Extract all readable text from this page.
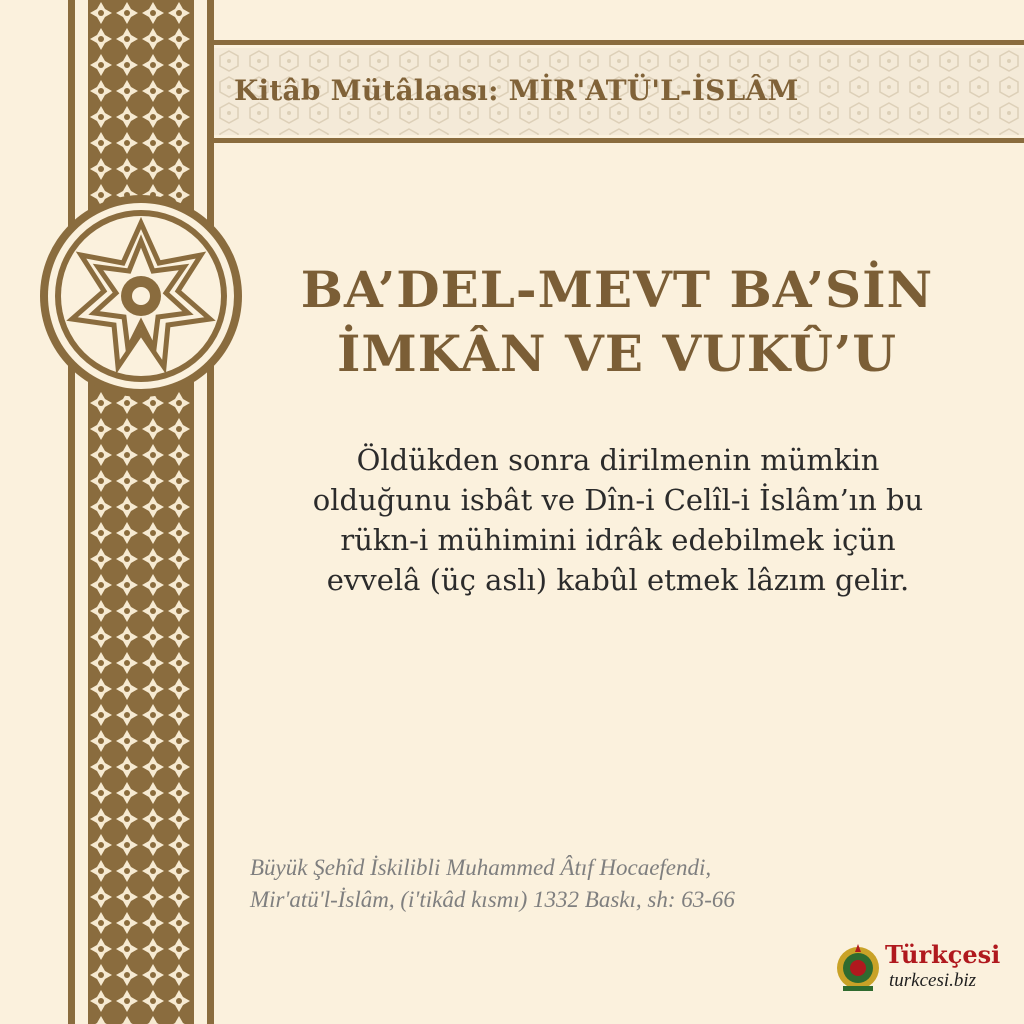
Kitâb Mütâlaası: MİR'ATÜ'L-İSLÂM
BA’DEL-MEVT BA’SİN
İMKÂN VE VUKÛ’U
Öldükden sonra dirilmenin mümkin
olduğunu isbât ve Dîn-i Celîl-i İslâm’ın bu
rükn-i mühimini idrâk edebilmek içün
evvelâ (üç aslı) kabûl etmek lâzım gelir.
Büyük Şehîd İskilibli Muhammed Âtıf Hocaefendi,
Mir'atü'l-İslâm, (i'tikâd kısmı) 1332 Baskı, sh: 63-66
Türkçesi
turkcesi.biz
